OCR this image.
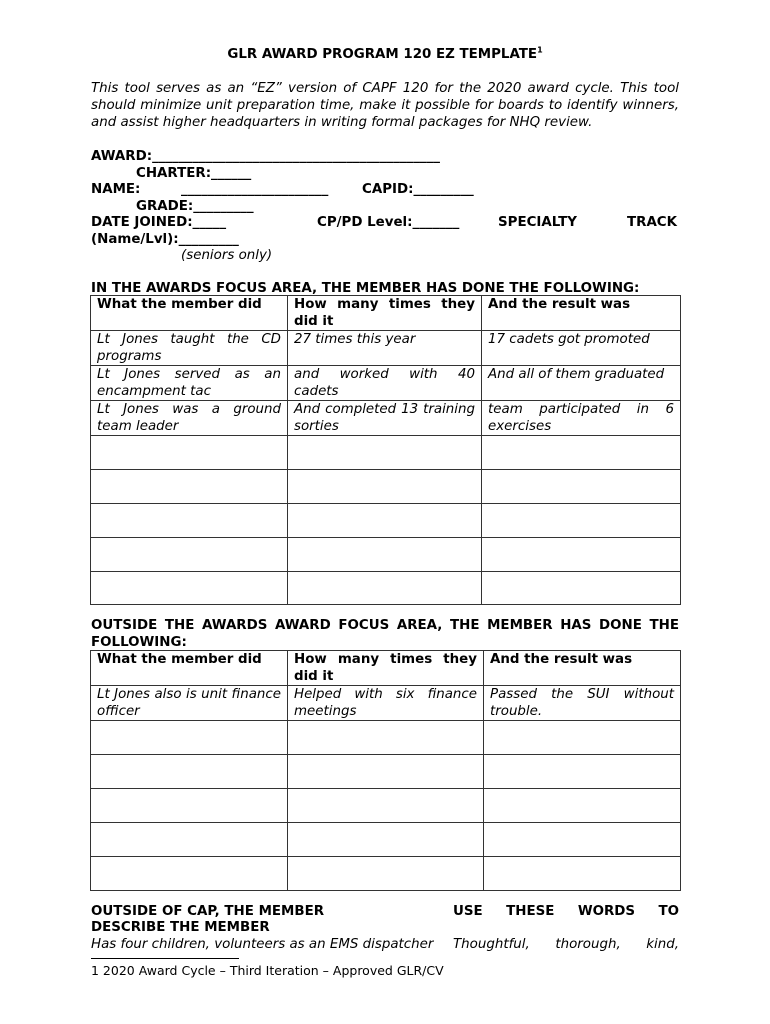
GLR AWARD PROGRAM 120 EZ TEMPLATE$^1$
This tool serves as an “EZ” version of CAPF 120 for the 2020 award cycle. This tool should minimize unit preparation time, make it possible for boards to identify winners, and assist higher headquarters in writing formal packages for NHQ review.
AWARD:___________________________________________
CHARTER:______
NAME:	______________________	CAPID:_________
GRADE:_________
DATE JOINED:_____	CP/PD Level:_______	SPECIALTY	TRACK
(Name/Lvl):_________
(seniors only)
IN THE AWARDS FOCUS AREA, THE MEMBER HAS DONE THE FOLLOWING:
What the member did	How many times they did it	And the result was
Lt Jones taught the CD programs	27 times this year	17 cadets got promoted
Lt Jones served as an encampment tac	and worked with 40 cadets	And all of them graduated
Lt Jones was a ground team leader	And completed 13 training sorties	team participated in 6 exercises

OUTSIDE THE AWARDS AWARD FOCUS AREA, THE MEMBER HAS DONE THE FOLLOWING:
What the member did	How many times they did it	And the result was
Lt Jones also is unit finance officer	Helped with six finance meetings	Passed the SUI without trouble.

OUTSIDE OF CAP, THE MEMBER	USE THESE WORDS TO
DESCRIBE THE MEMBER
Has four children, volunteers as an EMS dispatcher Thoughtful, thorough, kind,
1 2020 Award Cycle – Third Iteration – Approved GLR/CV
